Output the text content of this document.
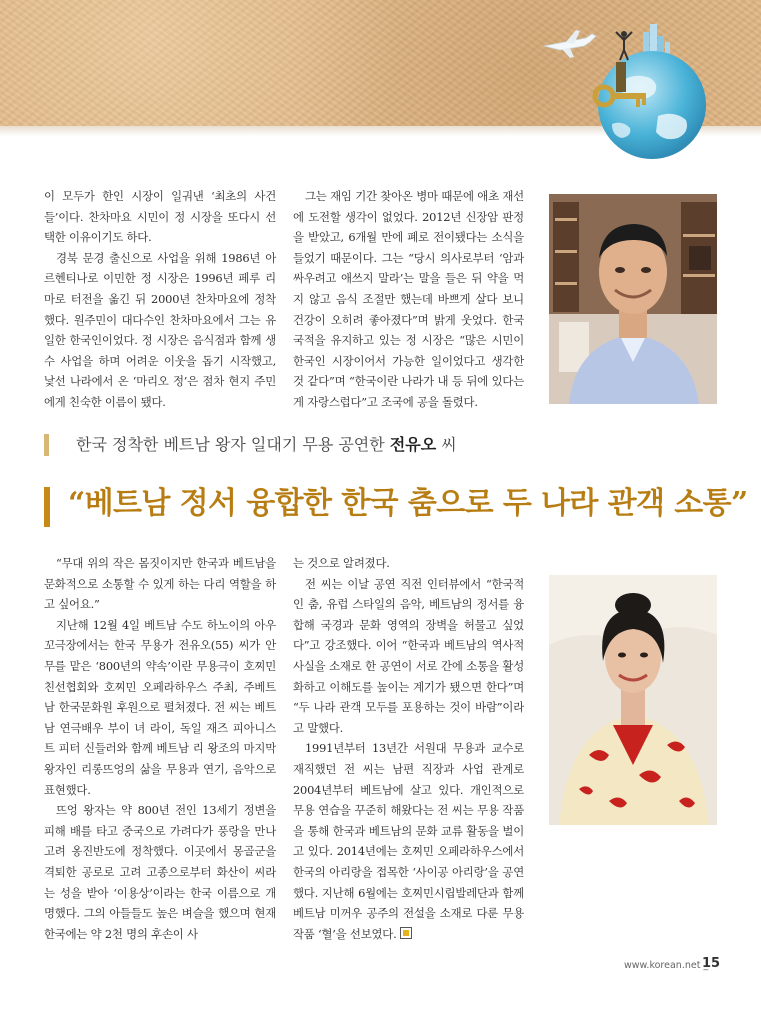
이 모두가 한인 시장이 일궈낸 ‘최초의 사건들’이다. 찬차마요 시민이 정 시장을 또다시 선택한 이유이기도 하다.

경북 문경 출신으로 사업을 위해 1986년 아르헨티나로 이민한 정 시장은 1996년 페루 리마로 터전을 옮긴 뒤 2000년 찬차마요에 정착했다. 원주민이 대다수인 찬차마요에서 그는 유일한 한국인이었다. 정 시장은 음식점과 함께 생수 사업을 하며 어려운 이웃을 돕기 시작했고, 낯선 나라에서 온 ‘마리오 정’은 점차 현지 주민에게 친숙한 이름이 됐다.

그는 재임 기간 찾아온 병마 때문에 애초 재선에 도전할 생각이 없었다. 2012년 신장암 판정을 받았고, 6개월 만에 폐로 전이됐다는 소식을 들었기 때문이다. 그는 “당시 의사로부터 ‘암과 싸우려고 애쓰지 말라’는 말을 들은 뒤 약을 먹지 않고 음식 조절만 했는데 바쁘게 살다 보니 건강이 오히려 좋아졌다”며 밝게 웃었다. 한국 국적을 유지하고 있는 정 시장은 “많은 시민이 한국인 시장이어서 가능한 일이었다고 생각한 것 같다”며 “한국이란 나라가 내 등 뒤에 있다는 게 자랑스럽다”고 조국에 공을 돌렸다.

한국 정착한 베트남 왕자 일대기 무용 공연한 전유오 씨
“베트남 정서 융합한 한국 춤으로 두 나라 관객 소통”

“무대 위의 작은 몸짓이지만 한국과 베트남을 문화적으로 소통할 수 있게 하는 다리 역할을 하고 싶어요.”

지난해 12월 4일 베트남 수도 하노이의 아우꼬극장에서는 한국 무용가 전유오(55) 씨가 안무를 맡은 ‘800년의 약속’이란 무용극이 호찌민친선협회와 호찌민 오페라하우스 주최, 주베트남 한국문화원 후원으로 펼쳐졌다. 전 씨는 베트남 연극배우 부이 녀 라이, 독일 재즈 피아니스트 피터 신들러와 함께 베트남 리 왕조의 마지막 왕자인 리롱뜨엉의 삶을 무용과 연기, 음악으로 표현했다.

뜨엉 왕자는 약 800년 전인 13세기 정변을 피해 배를 타고 중국으로 가려다가 풍랑을 만나 고려 옹진반도에 정착했다. 이곳에서 몽골군을 격퇴한 공로로 고려 고종으로부터 화산이 씨라는 성을 받아 ‘이용상’이라는 한국 이름으로 개명했다. 그의 아들들도 높은 벼슬을 했으며 현재 한국에는 약 2천 명의 후손이 사

는 것으로 알려졌다.

전 씨는 이날 공연 직전 인터뷰에서 “한국적인 춤, 유럽 스타일의 음악, 베트남의 정서를 융합해 국경과 문화 영역의 장벽을 허물고 싶었다”고 강조했다. 이어 “한국과 베트남의 역사적 사실을 소재로 한 공연이 서로 간에 소통을 활성화하고 이해도를 높이는 계기가 됐으면 한다”며 “두 나라 관객 모두를 포용하는 것이 바람”이라고 말했다.

1991년부터 13년간 서원대 무용과 교수로 재직했던 전 씨는 남편 직장과 사업 관계로 2004년부터 베트남에 살고 있다. 개인적으로 무용 연습을 꾸준히 해왔다는 전 씨는 무용 작품을 통해 한국과 베트남의 문화 교류 활동을 벌이고 있다. 2014년에는 호찌민 오페라하우스에서 한국의 아리랑을 접목한 ‘사이공 아리랑’을 공연했다. 지난해 6월에는 호찌민시립발레단과 함께 베트남 미꺼우 공주의 전설을 소재로 다룬 무용작품 ‘혈’을 선보였다.

www.korean.net _
15
